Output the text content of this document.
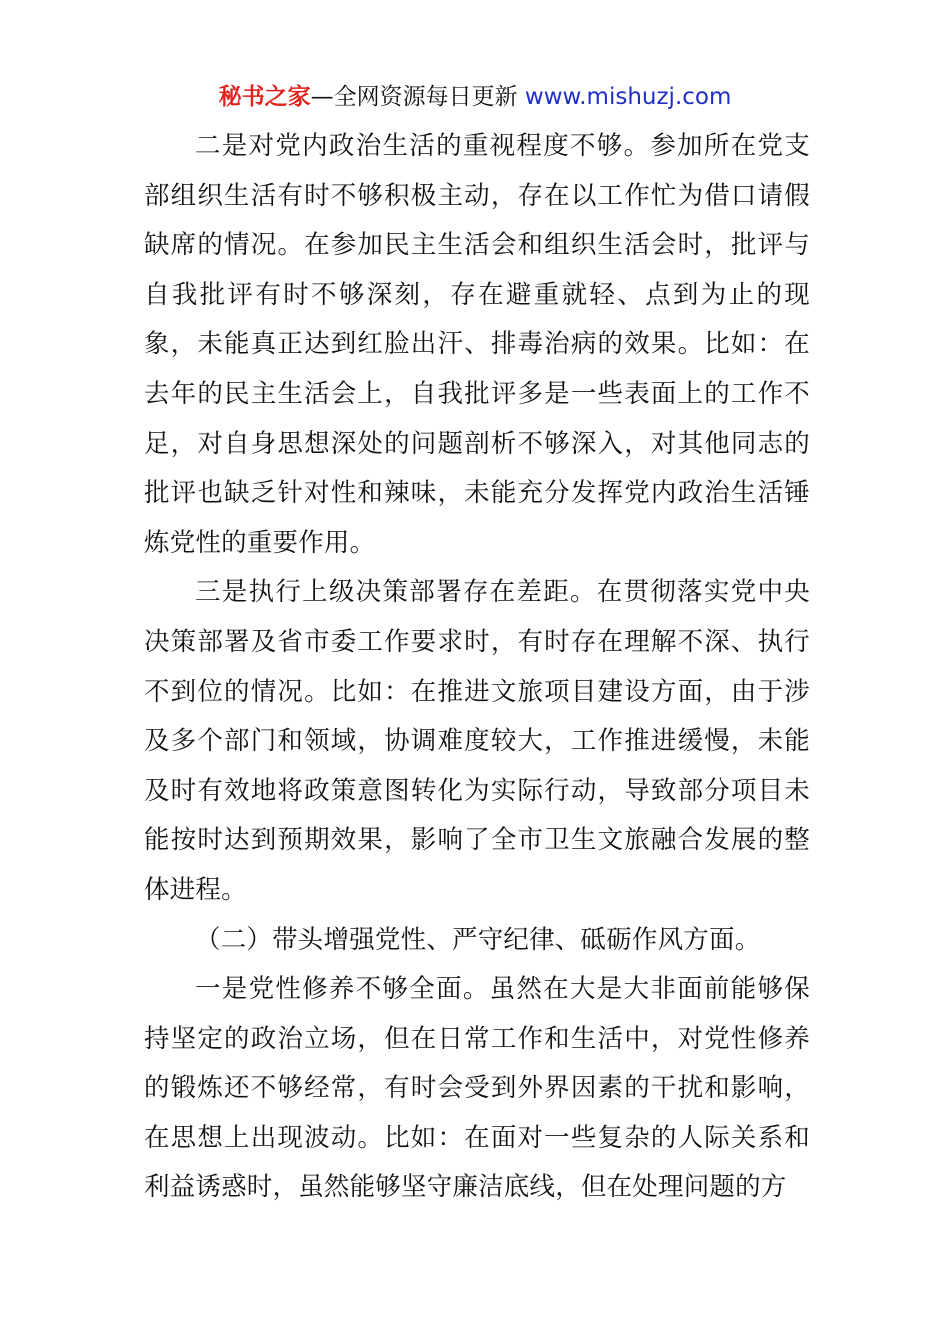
秘书之家—全网资源每日更新 www.mishuzj.com

二是对党内政治生活的重视程度不够。参加所在党支部组织生活有时不够积极主动，存在以工作忙为借口请假缺席的情况。在参加民主生活会和组织生活会时，批评与自我批评有时不够深刻，存在避重就轻、点到为止的现象，未能真正达到红脸出汗、排毒治病的效果。比如：在去年的民主生活会上，自我批评多是一些表面上的工作不足，对自身思想深处的问题剖析不够深入，对其他同志的批评也缺乏针对性和辣味，未能充分发挥党内政治生活锤炼党性的重要作用。

三是执行上级决策部署存在差距。在贯彻落实党中央决策部署及省市委工作要求时，有时存在理解不深、执行不到位的情况。比如：在推进文旅项目建设方面，由于涉及多个部门和领域，协调难度较大，工作推进缓慢，未能及时有效地将政策意图转化为实际行动，导致部分项目未能按时达到预期效果，影响了全市卫生文旅融合发展的整体进程。

（二）带头增强党性、严守纪律、砥砺作风方面。

一是党性修养不够全面。虽然在大是大非面前能够保持坚定的政治立场，但在日常工作和生活中，对党性修养的锻炼还不够经常，有时会受到外界因素的干扰和影响，在思想上出现波动。比如：在面对一些复杂的人际关系和利益诱惑时，虽然能够坚守廉洁底线，但在处理问题的方
